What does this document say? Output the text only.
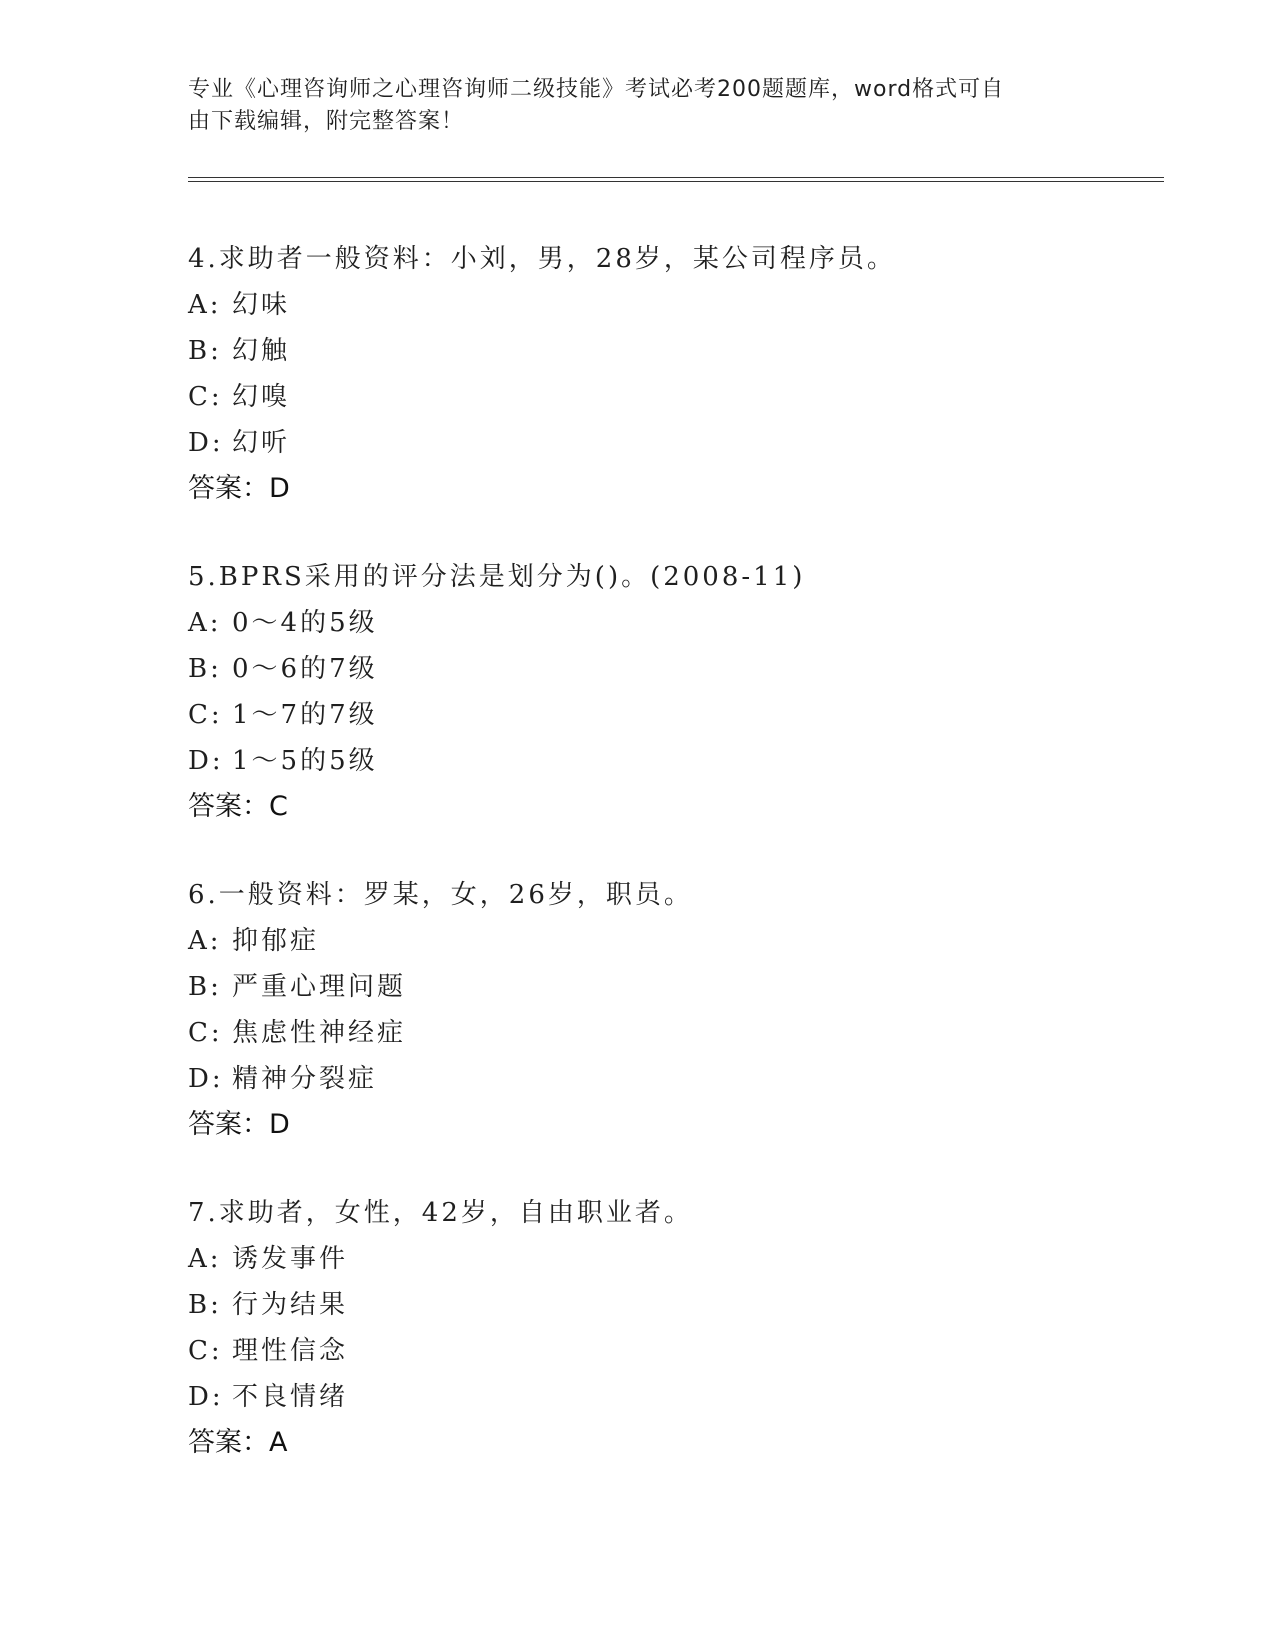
专业《心理咨询师之心理咨询师二级技能》考试必考200题题库，word格式可自
由下载编辑，附完整答案！
4.求助者一般资料：小刘，男，28岁，某公司程序员。
A: 幻味
B: 幻触
C: 幻嗅
D: 幻听
答案：D
5.BPRS采用的评分法是划分为()。(2008-11)
A: 0～4的5级
B: 0～6的7级
C: 1～7的7级
D: 1～5的5级
答案：C
6.一般资料：罗某，女，26岁，职员。
A: 抑郁症
B: 严重心理问题
C: 焦虑性神经症
D: 精神分裂症
答案：D
7.求助者，女性，42岁，自由职业者。
A: 诱发事件
B: 行为结果
C: 理性信念
D: 不良情绪
答案：A
